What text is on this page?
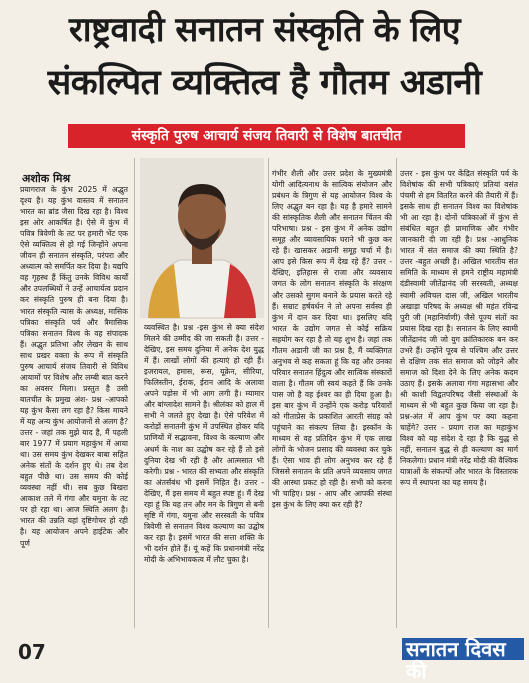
राष्ट्रवादी सनातन संस्कृति के लिए
संकल्पित व्यक्तित्व है गौतम अडानी
संस्कृति पुरुष आचार्य संजय तिवारी से विशेष बातचीत
अशोक मिश्र

प्रयागराज के कुंभ 2025 में अद्भुत दृश्य है। यह कुंभ वास्तव में सनातन भारत का ब्रांड जैसा दिख रहा है। विश्व इस ओर आकर्षित है। ऐसे में कुंभ में पवित्र त्रिवेणी के तट पर हमारी भेंट एक ऐसे व्यक्तित्व से हो गई जिन्होंने अपना जीवन ही सनातन संस्कृति, परंपरा और अध्यात्म को समर्पित कर दिया है। यद्यपि वह गृहस्थ हैं किंतु उनके विविध कार्यों और उपलब्धियों ने उन्हें आचार्यत्व प्रदान कर संस्कृति पुरुष ही बना दिया है। भारत संस्कृति न्यास के अध्यक्ष, मासिक पत्रिका संस्कृति पर्व और त्रैमासिक पत्रिका सनातन विश्व के वह संपादक हैं। अद्भुत प्रतिभा और लेखन के साथ साथ प्रखर वक्ता के रूप में संस्कृति पुरुष आचार्य संजय तिवारी से विविध आयामों पर विशेष और लम्बी बात करने का अवसर मिला। प्रस्तुत है उसी बातचीत के प्रमुख अंश- प्रश्न -आपको यह कुंभ कैसा लग रहा है? किस मायने में यह अन्य कुंभ आयोजनों से अलग है? उत्तर - जहां तक मुझे याद है, मैं पहली बार 1977 में प्रयाग महाकुंभ में आया था। उस समय कुंभ देखकर बाबा सहित अनेक संतों के दर्शन हुए थे। तब देश बहुत पीछे था। उस समय की कोई व्यवस्था नहीं थी। सब कुछ बिखरा आकाश तले में गंगा और यमुना के तट पर हो रहा था। आज स्थिति अलग है। भारत की उन्नति यहां दृष्टिगोचर हो रही है। यह आयोजन अपने हाईटेक और पूर्ण

व्यवस्थित है। प्रश्न -इस कुंभ से क्या संदेश मिलने की उम्मीद की जा सकती है। उत्तर - देखिए, इस समय दुनिया में अनेक देश युद्ध में हैं। लाखों लोगों की हत्याएं हो रही हैं। इजरायल, हमास, रूस, यूक्रेन, सीरिया, फिलिस्तीन, ईराक, ईरान आदि के अलावा अपने पड़ोस में भी आग लगी है। म्यामार और बांग्लादेश सामने है। श्रीलंका को हाल में सभी ने जलते हुए देखा है। ऐसे परिवेश में करोड़ों सनातनी कुंभ में उपस्थित होकर यदि प्राणियों में सद्भावना, विश्व के कल्याण और अधर्म के नाश का उद्घोष कर रहे हैं तो इसे दुनिया देख भी रही है और आत्मसात भी करेगी। प्रश्न - भारत की सभ्यता और संस्कृति का अंतर्संबंध भी इसमें निहित है। उत्तर - देखिए, मैं इस समय में बहुत स्पष्ट हूं। मैं देख रहा हूं कि यह तन और मन के त्रिगुण से बनी सृष्टि में गंगा, यमुना और सरस्वती के पवित्र त्रिवेणी से सनातन विश्व कल्याण का उद्घोष कर रहा है। इसमें भारत की सत्ता शक्ति के भी दर्शन होते हैं। यूं कहें कि प्रधानमंत्री नरेंद्र मोदी के अभिभावकत्व में लौट चुका है।

गंभीर शैली और उत्तर प्रदेश के मुख्यमंत्री योगी आदित्यनाथ के सात्विक संयोजन और प्रबंधन के त्रिगुण से यह आयोजन विश्व के लिए अद्भुत बन रहा है। यह है हमारे सामने की सांस्कृतिक शैली और सनातन चिंतन की परिभाषा। प्रश्न - इस कुंभ में अनेक उद्योग समूह और व्यावसायिक घराने भी कुछ कर रहे हैं। खासकर अडानी समूह चर्चा में है। आप इसे किस रूप में देख रहे हैं? उत्तर - देखिए, इतिहास से राजा और व्यवसाय जगत के लोग सनातन संस्कृति के संरक्षण और उसको सुगम बनाने के प्रयास करते रहे हैं। सम्राट हर्षवर्धन ने तो अपना सर्वस्व ही कुंभ में दान कर दिया था। इसलिए यदि भारत के उद्योग जगत से कोई सक्रिय सहयोग कर रहा है तो यह शुभ है। जहां तक गौतम अडानी जी का प्रश्न है, मैं व्यक्तिगत अनुभव से कह सकता हूं कि वह और उनका परिवार सनातन हिंदुत्व और सात्विक संस्कारों वाला है। गौतम जी स्वयं कहते हैं कि उनके पास जो है वह ईश्वर का ही दिया हुआ है। इस बार कुंभ में उन्होंने एक करोड़ परिवारों को गीताप्रेस के प्रकाशित आरती संग्रह को पहुंचाने का संकल्प लिया है। इस्कॉन के माध्यम से वह प्रतिदिन कुंभ में एक लाख लोगों के भोजन प्रसाद की व्यवस्था कर चुके हैं। ऐसा भाव ही लोग अनुभव कर रहे हैं जिससे सनातन के प्रति अपने व्यवसाय जगत की आस्था प्रकट हो रही है। सभी को करना भी चाहिए। प्रश्न - आप और आपकी संस्था इस कुंभ के लिए क्या कर रही है?

उत्तर - इस कुंभ पर केंद्रित संस्कृति पर्व के विशेषांक की सभी पत्रिकाएं प्रतियां वसंत पंचमी से हम वितरित करने की तैयारी में हैं। इसके साथ ही सनातन विश्व का विशेषांक भी आ रहा है। दोनों पत्रिकाओं में कुंभ से संबंधित बहुत ही प्रामाणिक और गंभीर जानकारी दी जा रही है। प्रश्न -आधुनिक भारत में संत समाज की क्या स्थिति है? उत्तर -बहुत अच्छी है। अखिल भारतीय संत समिति के माध्यम से हमने राष्ट्रीय महामंत्री दंडीस्वामी जीतेंद्रानंद जी सरस्वती, अध्यक्ष स्वामी अविचल दास जी, अखिल भारतीय अखाड़ा परिषद के अध्यक्ष श्री महंत रविन्द्र पुरी जी (महानिर्वाणी) जैसे पूज्य संतों का प्रयास दिख रहा है। सनातन के लिए स्वामी जीतेंद्रानंद जी जो युग क्रांतिकारक बन कर उभरे हैं। उन्होंने पूरब से पश्चिम और उत्तर से दक्षिण तक संत समाज को जोड़ने और समाज को दिशा देने के लिए अनेक कदम उठाए हैं। इसके अलावा गंगा महासभा और श्री काशी विद्वतपरिषद जैसी संस्थाओं के माध्यम से भी बहुत कुछ किया जा रहा है। प्रश्न-अंत में आप कुंभ पर क्या कहना चाहेंगे? उत्तर - प्रयाग राज का महाकुंभ विश्व को यह संदेश दे रहा है कि युद्ध से नहीं, सनातन बुद्ध से ही कल्याण का मार्ग निकलेगा। प्रधान मंत्री नरेंद्र मोदी की वैश्विक यात्राओं के संकल्पों और भारत के विस्तारक रूप में स्थापना का यह समय है।

07	सनातन दिवस की
